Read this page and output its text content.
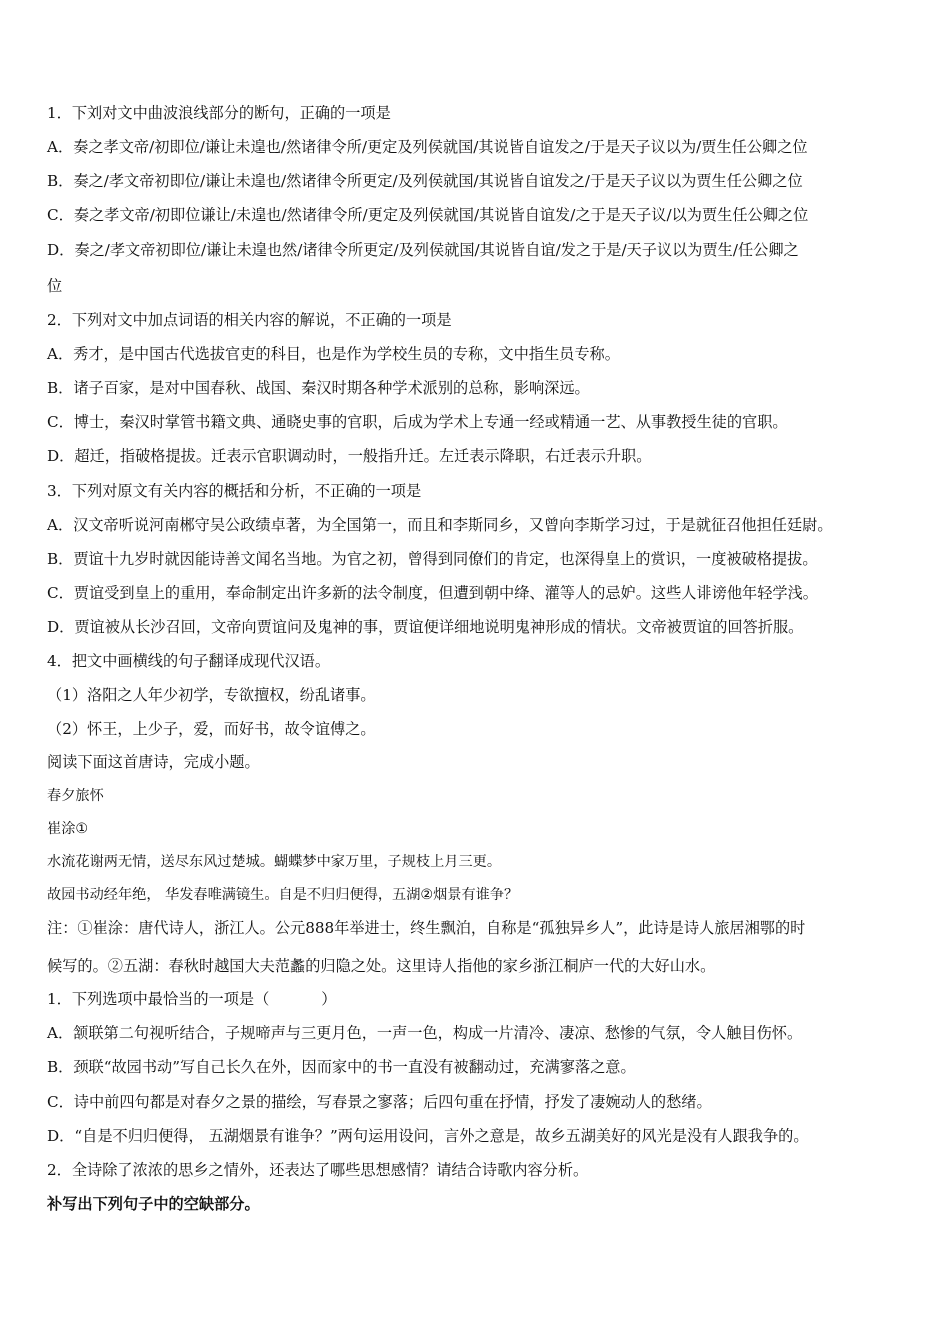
1．下刘对文中曲波浪线部分的断句，正确的一项是
A．奏之孝文帝/初即位/谦让未遑也/然诸律令所/更定及列侯就国/其说皆自谊发之/于是天子议以为/贾生任公卿之位
B．奏之/孝文帝初即位/谦让未遑也/然诸律令所更定/及列侯就国/其说皆自谊发之/于是天子议以为贾生任公卿之位
C．奏之孝文帝/初即位谦让/未遑也/然诸律令所/更定及列侯就国/其说皆自谊发/之于是天子议/以为贾生任公卿之位
D．奏之/孝文帝初即位/谦让未遑也然/诸律令所更定/及列侯就国/其说皆自谊/发之于是/天子议以为贾生/任公卿之
位
2．下列对文中加点词语的相关内容的解说，不正确的一项是
A．秀才，是中国古代选拔官吏的科目，也是作为学校生员的专称，文中指生员专称。
B．诸子百家，是对中国春秋、战国、秦汉时期各种学术派别的总称，影响深远。
C．博士，秦汉时掌管书籍文典、通晓史事的官职，后成为学术上专通一经或精通一艺、从事教授生徒的官职。
D．超迁，指破格提拔。迁表示官职调动时，一般指升迁。左迁表示降职，右迁表示升职。
3．下列对原文有关内容的概括和分析，不正确的一项是
A．汉文帝听说河南郴守吴公政绩卓著，为全国第一，而且和李斯同乡，又曾向李斯学习过，于是就征召他担任廷尉。
B．贾谊十九岁时就因能诗善文闻名当地。为官之初，曾得到同僚们的肯定，也深得皇上的赏识，一度被破格提拔。
C．贾谊受到皇上的重用，奉命制定出许多新的法令制度，但遭到朝中绛、灌等人的忌妒。这些人诽谤他年轻学浅。
D．贾谊被从长沙召回，文帝向贾谊问及鬼神的事，贾谊便详细地说明鬼神形成的情状。文帝被贾谊的回答折服。
4．把文中画横线的句子翻译成现代汉语。
（1）洛阳之人年少初学，专欲擅权，纷乱诸事。
（2）怀王，上少子，爱，而好书，故令谊傅之。
阅读下面这首唐诗，完成小题。
春夕旅怀
崔涂①
水流花谢两无情，送尽东风过楚城。蝴蝶梦中家万里，子规枝上月三更。
故园书动经年绝， 华发春唯满镜生。自是不归归便得，五湖②烟景有谁争？
注：①崔涂：唐代诗人，浙江人。公元888年举进士，终生飘泊，自称是“孤独异乡人”，此诗是诗人旅居湘鄂的时
候写的。②五湖：春秋时越国大夫范蠡的归隐之处。这里诗人指他的家乡浙江桐庐一代的大好山水。
1．下列选项中最恰当的一项是（	）
A．颔联第二句视听结合，子规啼声与三更月色，一声一色，构成一片清冷、凄凉、愁惨的气氛，令人触目伤怀。
B．颈联“故园书动”写自己长久在外，因而家中的书一直没有被翻动过，充满寥落之意。
C．诗中前四句都是对春夕之景的描绘，写春景之寥落；后四句重在抒情，抒发了凄婉动人的愁绪。
D．“自是不归归便得， 五湖烟景有谁争？”两句运用设问，言外之意是，故乡五湖美好的风光是没有人跟我争的。
2．全诗除了浓浓的思乡之情外，还表达了哪些思想感情？请结合诗歌内容分析。
补写出下列句子中的空缺部分。
